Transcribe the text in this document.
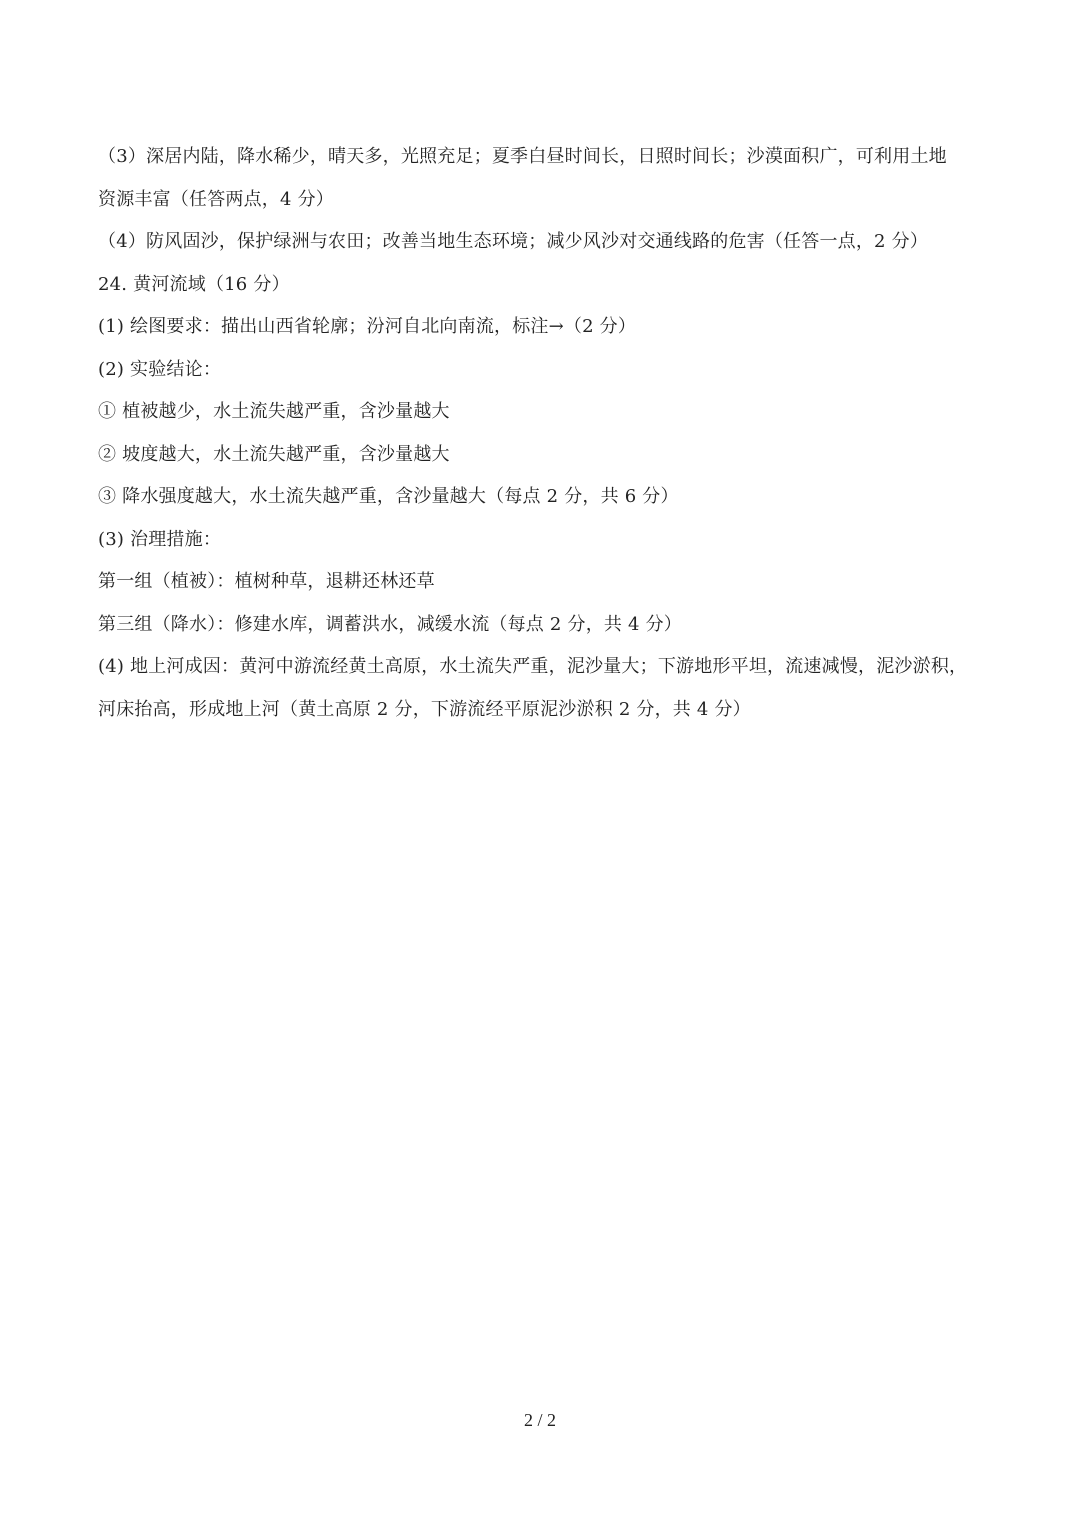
（3）深居内陆，降水稀少，晴天多，光照充足；夏季白昼时间长，日照时间长；沙漠面积广，可利用土地
资源丰富（任答两点，4 分）
（4）防风固沙，保护绿洲与农田；改善当地生态环境；减少风沙对交通线路的危害（任答一点，2 分）
24. 黄河流域（16 分）
(1) 绘图要求：描出山西省轮廓；汾河自北向南流，标注→（2 分）
(2) 实验结论：
① 植被越少，水土流失越严重，含沙量越大
② 坡度越大，水土流失越严重，含沙量越大
③ 降水强度越大，水土流失越严重，含沙量越大（每点 2 分，共 6 分）
(3) 治理措施：
第一组（植被）：植树种草，退耕还林还草
第三组（降水）：修建水库，调蓄洪水，减缓水流（每点 2 分，共 4 分）
(4) 地上河成因：黄河中游流经黄土高原，水土流失严重，泥沙量大；下游地形平坦，流速减慢，泥沙淤积，
河床抬高，形成地上河（黄土高原 2 分，下游流经平原泥沙淤积 2 分，共 4 分）
2 / 2
